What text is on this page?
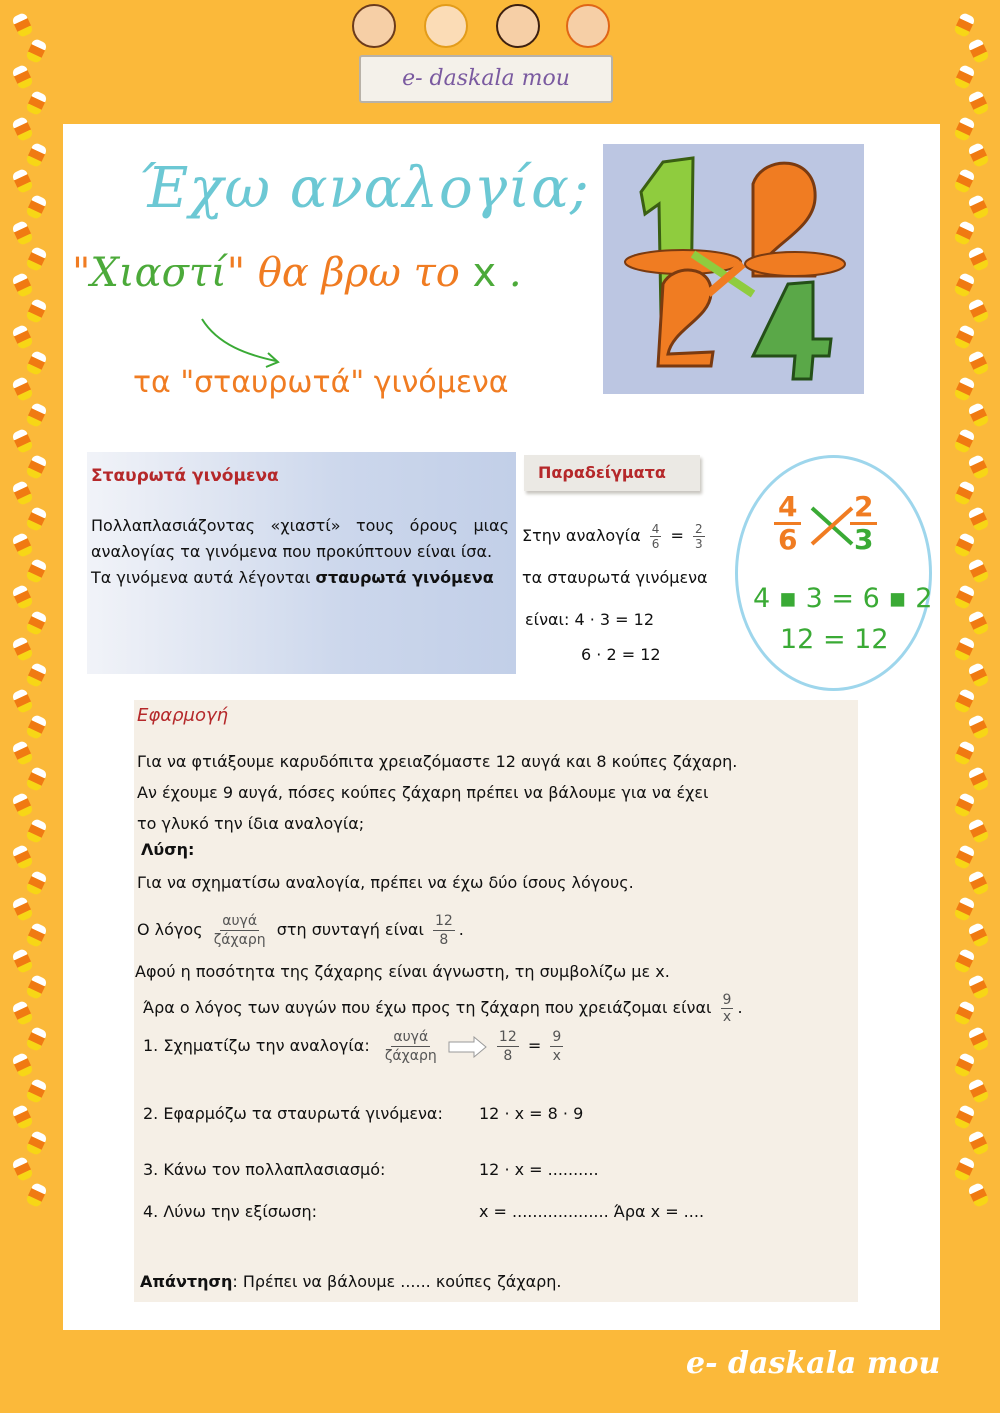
e- daskala mou
Έχω αναλογία;
"Χιαστί" θα βρω το x .
τα "σταυρωτά" γινόμενα
Σταυρωτά γινόμενα
Πολλαπλασιάζοντας «χιαστί» τους όρους μιας αναλογίας τα γινόμενα που προκύπτουν είναι ίσα.
Τα γινόμενα αυτά λέγονται σταυρωτά γινόμενα
Παραδείγματα
Στην αναλογία $\frac{4}{6} = \frac{2}{3}$
τα σταυρωτά γινόμενα
είναι: 4 · 3 = 12
6 · 2 = 12
$\frac{4}{6} \frac{2}{3}$
4 ▪ 3 = 6 ▪ 2
12 = 12
Εφαρμογή
Για να φτιάξουμε καρυδόπιτα χρειαζόμαστε 12 αυγά και 8 κούπες ζάχαρη.
Αν έχουμε 9 αυγά, πόσες κούπες ζάχαρη πρέπει να βάλουμε για να έχει
το γλυκό την ίδια αναλογία;
Λύση:
Για να σχηματίσω αναλογία, πρέπει να έχω δύο ίσους λόγους.
Ο λόγος $\frac{\text{αυγά}}{\text{ζάχαρη}}$ στη συνταγή είναι $\frac{12}{8}$ .
Αφού η ποσότητα της ζάχαρης είναι άγνωστη, τη συμβολίζω με x.
Άρα ο λόγος των αυγών που έχω προς τη ζάχαρη που χρειάζομαι είναι $\frac{9}{x}$ .
1. Σχηματίζω την αναλογία: $\frac{\text{αυγά}}{\text{ζάχαρη}}$
	$\frac{12}{8} = \frac{9}{x}$
2. Εφαρμόζω τα σταυρωτά γινόμενα: 12 · x = 8 · 9
3. Κάνω τον πολλαπλασιασμό:	12 · x = ..........
4. Λύνω την εξίσωση:	x = ................... Άρα x = ....
Απάντηση: Πρέπει να βάλουμε ...... κούπες ζάχαρη.
e- daskala mou
